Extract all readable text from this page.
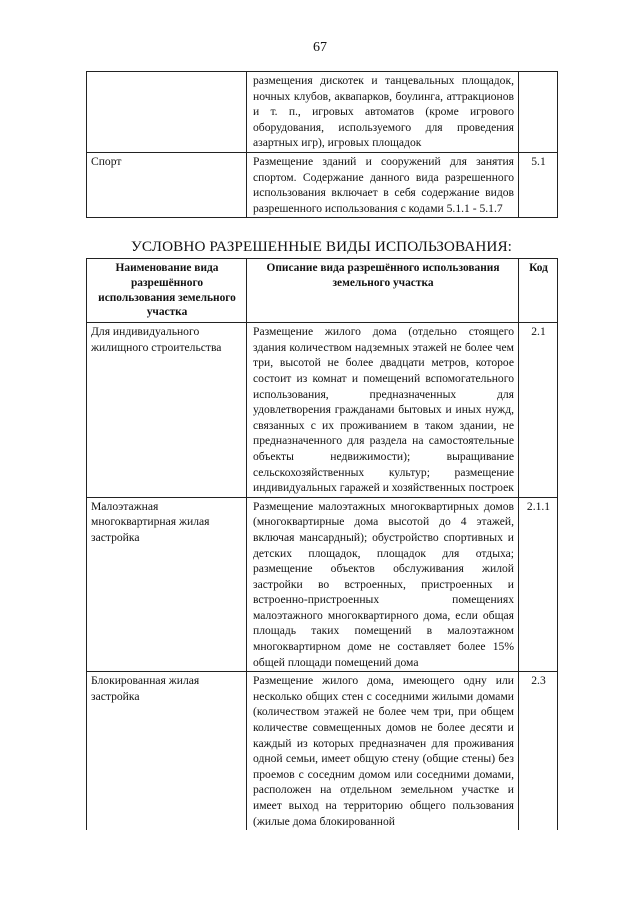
67
	размещения дискотек и танцевальных площадок, ночных клубов, аквапарков, боулинга, аттракционов и т. п., игровых автоматов (кроме игрового оборудования, используемого для проведения азартных игр), игровых площадок	
Спорт	Размещение зданий и сооружений для занятия спортом. Содержание данного вида разрешенного использования включает в себя содержание видов разрешенного использования с кодами 5.1.1 - 5.1.7	5.1
УСЛОВНО РАЗРЕШЕННЫЕ ВИДЫ ИСПОЛЬЗОВАНИЯ:
Наименование вида разрешённого использования земельного участка	Описание вида разрешённого использования земельного участка	Код
Для индивидуального жилищного строительства	Размещение жилого дома (отдельно стоящего здания количеством надземных этажей не более чем три, высотой не более двадцати метров, которое состоит из комнат и помещений вспомогательного использования, предназначенных для удовлетворения гражданами бытовых и иных нужд, связанных с их проживанием в таком здании, не предназначенного для раздела на самостоятельные объекты недвижимости); выращивание сельскохозяйственных культур; размещение индивидуальных гаражей и хозяйственных построек	2.1
Малоэтажная многоквартирная жилая застройка	Размещение малоэтажных многоквартирных домов (многоквартирные дома высотой до 4 этажей, включая мансардный); обустройство спортивных и детских площадок, площадок для отдыха; размещение объектов обслуживания жилой застройки во встроенных, пристроенных и встроенно-пристроенных помещениях малоэтажного многоквартирного дома, если общая площадь таких помещений в малоэтажном многоквартирном доме не составляет более 15% общей площади помещений дома	2.1.1
Блокированная жилая застройка	Размещение жилого дома, имеющего одну или несколько общих стен с соседними жилыми домами (количеством этажей не более чем три, при общем количестве совмещенных домов не более десяти и каждый из которых предназначен для проживания одной семьи, имеет общую стену (общие стены) без проемов с соседним домом или соседними домами, расположен на отдельном земельном участке и имеет выход на территорию общего пользования (жилые дома блокированной	2.3
